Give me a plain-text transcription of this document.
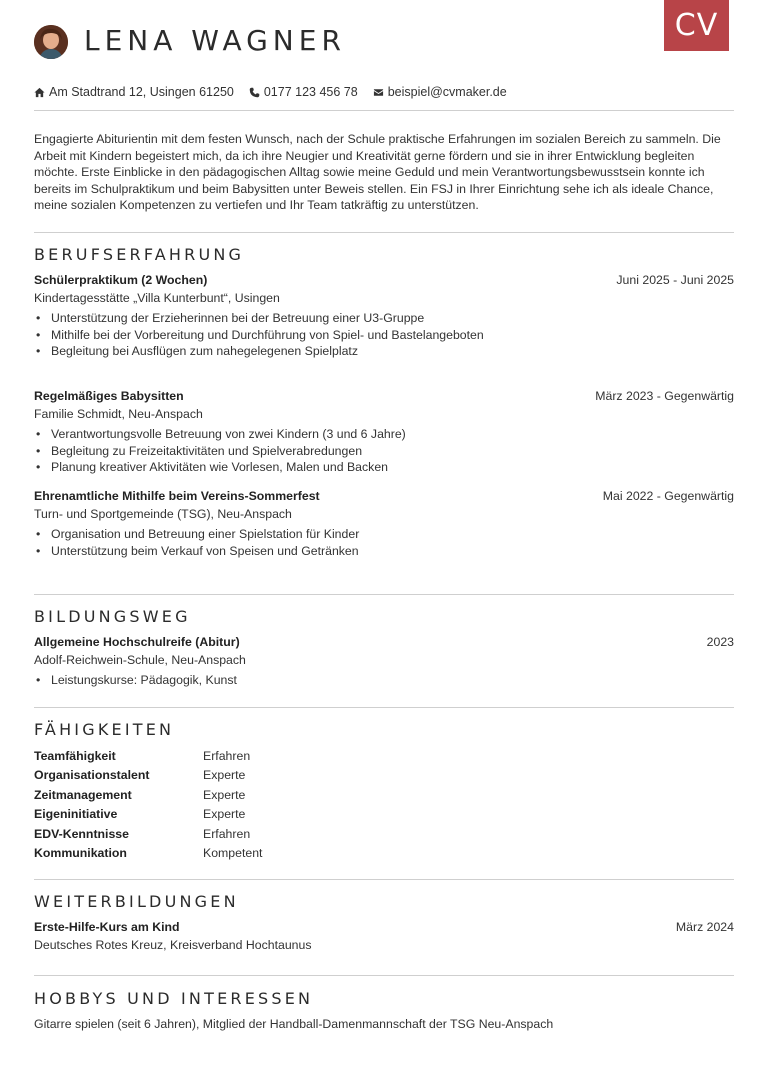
CV
LENA WAGNER
Am Stadtrand 12, Usingen 61250 0177 123 456 78 beispiel@cvmaker.de
Engagierte Abiturientin mit dem festen Wunsch, nach der Schule praktische Erfahrungen im sozialen Bereich zu sammeln. Die Arbeit mit Kindern begeistert mich, da ich ihre Neugier und Kreativität gerne fördern und sie in ihrer Entwicklung begleiten möchte. Erste Einblicke in den pädagogischen Alltag sowie meine Geduld und mein Verantwortungsbewusstsein konnte ich bereits im Schulpraktikum und beim Babysitten unter Beweis stellen. Ein FSJ in Ihrer Einrichtung sehe ich als ideale Chance, meine sozialen Kompetenzen zu vertiefen und Ihr Team tatkräftig zu unterstützen.
BERUFSERFAHRUNG
Schülerpraktikum (2 Wochen)	Juni 2025 - Juni 2025
Kindertagesstätte „Villa Kunterbunt“, Usingen
• Unterstützung der Erzieherinnen bei der Betreuung einer U3-Gruppe
• Mithilfe bei der Vorbereitung und Durchführung von Spiel- und Bastelangeboten
• Begleitung bei Ausflügen zum nahegelegenen Spielplatz
Regelmäßiges Babysitten	März 2023 - Gegenwärtig
Familie Schmidt, Neu-Anspach
• Verantwortungsvolle Betreuung von zwei Kindern (3 und 6 Jahre)
• Begleitung zu Freizeitaktivitäten und Spielverabredungen
• Planung kreativer Aktivitäten wie Vorlesen, Malen und Backen
Ehrenamtliche Mithilfe beim Vereins-Sommerfest	Mai 2022 - Gegenwärtig
Turn- und Sportgemeinde (TSG), Neu-Anspach
• Organisation und Betreuung einer Spielstation für Kinder
• Unterstützung beim Verkauf von Speisen und Getränken
BILDUNGSWEG
Allgemeine Hochschulreife (Abitur)	2023
Adolf-Reichwein-Schule, Neu-Anspach
• Leistungskurse: Pädagogik, Kunst
FÄHIGKEITEN
Teamfähigkeit	Erfahren
Organisationstalent	Experte
Zeitmanagement	Experte
Eigeninitiative	Experte
EDV-Kenntnisse	Erfahren
Kommunikation	Kompetent
WEITERBILDUNGEN
Erste-Hilfe-Kurs am Kind	März 2024
Deutsches Rotes Kreuz, Kreisverband Hochtaunus
HOBBYS UND INTERESSEN
Gitarre spielen (seit 6 Jahren), Mitglied der Handball-Damenmannschaft der TSG Neu-Anspach
